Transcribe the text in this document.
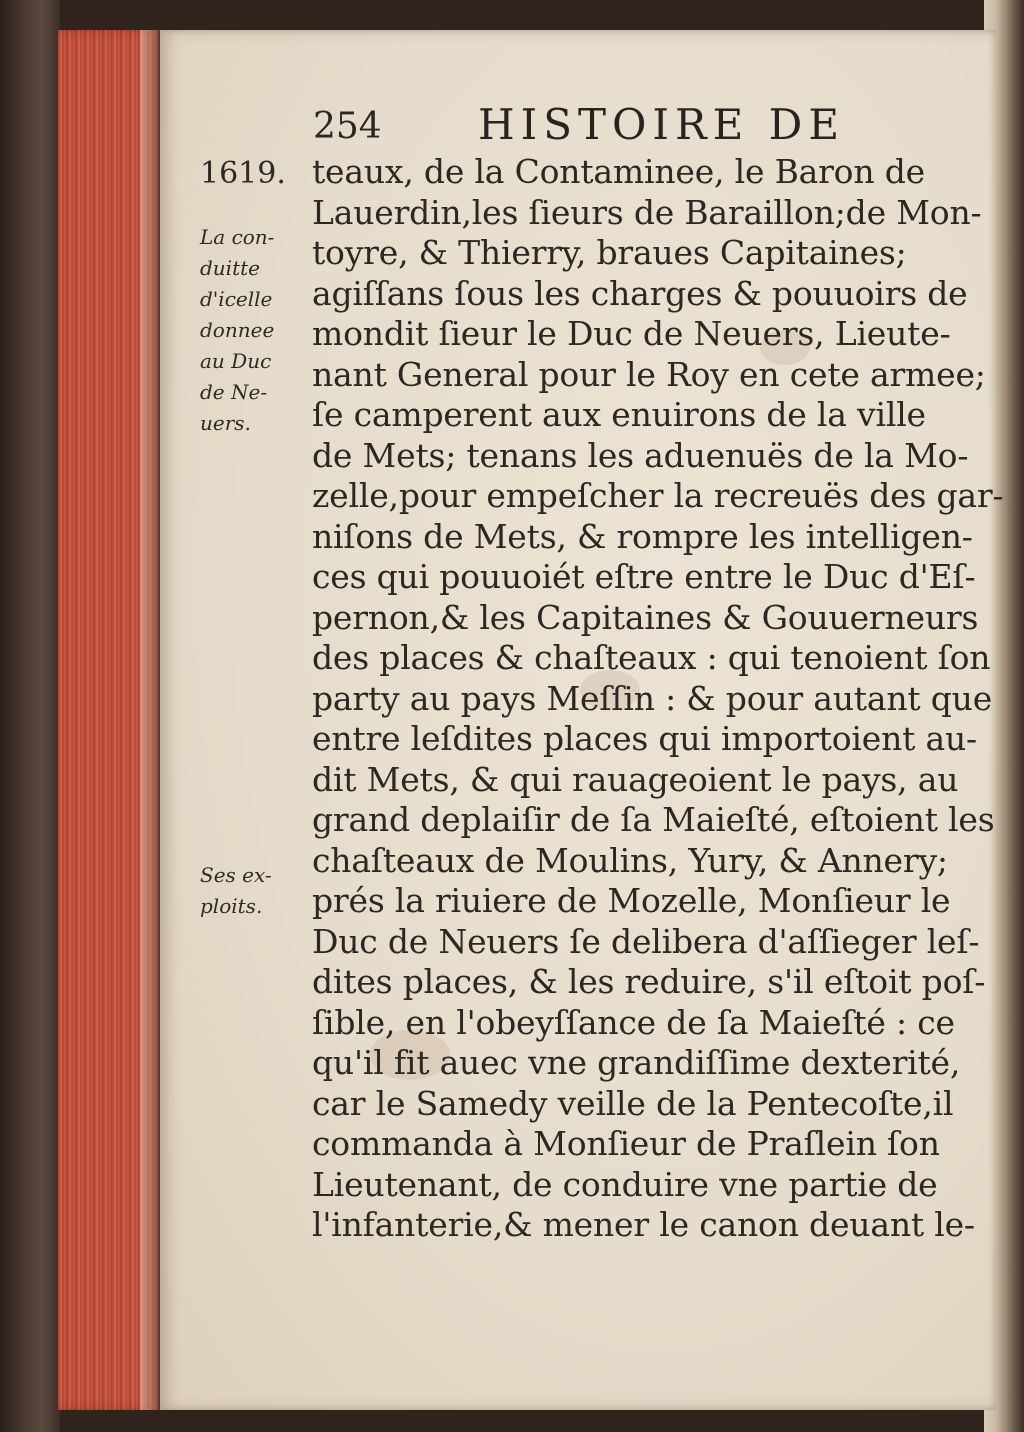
254 HISTOIRE DE
1619.
La con-
duitte
d'icelle
donnee
au Duc
de Ne-
uers.
Ses ex-
ploits.
teaux, de la Contaminee, le Baron de
Lauerdin,les ſieurs de Baraillon;de Mon-
toyre, & Thierry, braues Capitaines;
agiſſans ſous les charges & pouuoirs de
mondit ſieur le Duc de Neuers, Lieute-
nant General pour le Roy en cete armee;
ſe camperent aux enuirons de la ville
de Mets; tenans les aduenuës de la Mo-
zelle,pour empeſcher la recreuës des gar-
niſons de Mets, & rompre les intelligen-
ces qui pouuoiét eſtre entre le Duc d'Eſ-
pernon,& les Capitaines & Gouuerneurs
des places & chaſteaux : qui tenoient ſon
party au pays Meſſin : & pour autant que
entre leſdites places qui importoient au-
dit Mets, & qui rauageoient le pays, au
grand deplaiſir de ſa Maieſté, eſtoient les
chaſteaux de Moulins, Yury, & Annery;
prés la riuiere de Mozelle, Monſieur le
Duc de Neuers ſe delibera d'aſſieger leſ-
dites places, & les reduire, s'il eſtoit poſ-
ſible, en l'obeyſſance de ſa Maieſté : ce
qu'il fit auec vne grandiſſime dexterité,
car le Samedy veille de la Pentecoſte,il
commanda à Monſieur de Praſlein ſon
Lieutenant, de conduire vne partie de
l'infanterie,& mener le canon deuant le-
